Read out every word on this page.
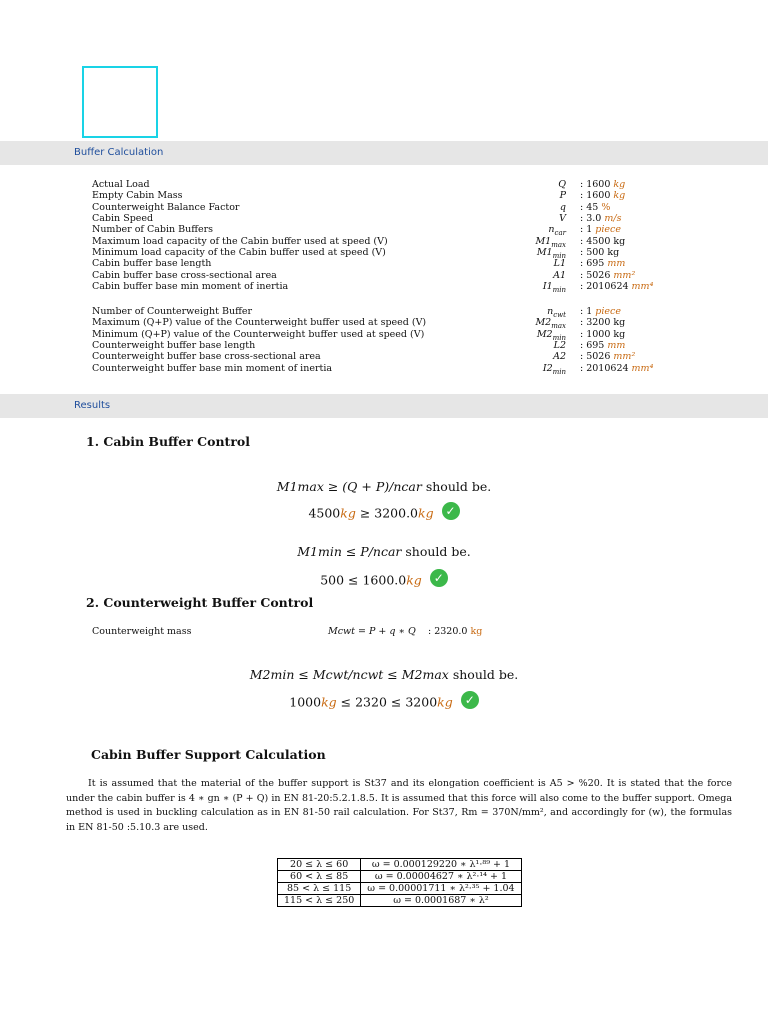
Buffer Calculation
Actual Load	Q : 1600 kg
Empty Cabin Mass	P : 1600 kg
Counterweight Balance Factor	q : 45 %
Cabin Speed	V : 3.0 m/s
Number of Cabin Buffers	$n_{car}$ : 1 piece
Maximum load capacity of the Cabin buffer used at speed (V)	$M1_{max}$ : 4500 kg
Minimum load capacity of the Cabin buffer used at speed (V)	$M1_{min}$ : 500 kg
Cabin buffer base length	L1 : 695 mm
Cabin buffer base cross-sectional area	A1 : 5026 mm²
Cabin buffer base min moment of inertia	$I1_{min}$ : 2010624 mm⁴
Number of Counterweight Buffer	$n_{cwt}$ : 1 piece
Maximum (Q+P) value of the Counterweight buffer used at speed (V)	$M2_{max}$ : 3200 kg
Minimum (Q+P) value of the Counterweight buffer used at speed (V)	$M2_{min}$ : 1000 kg
Counterweight buffer base length	L2 : 695 mm
Counterweight buffer base cross-sectional area	A2 : 5026 mm²
Counterweight buffer base min moment of inertia	$I2_{min}$ : 2010624 mm⁴
Results
1. Cabin Buffer Control
M1max ≥ (Q + P)/ncar should be.
4500kg ≥ 3200.0kg ✓
M1min ≤ P/ncar should be.
500 ≤ 1600.0kg ✓
2. Counterweight Buffer Control
Counterweight mass	Mcwt = P + q ∗ Q : 2320.0 kg
M2min ≤ Mcwt/ncwt ≤ M2max should be.
1000kg ≤ 2320 ≤ 3200kg ✓
Cabin Buffer Support Calculation
It is assumed that the material of the buffer support is St37 and its elongation coefficient is A5 > %20. It is stated that the force under the cabin buffer is 4 ∗ gn ∗ (P + Q) in EN 81-20:5.2.1.8.5. It is assumed that this force will also come to the buffer support. Omega method is used in buckling calculation as in EN 81-50 rail calculation. For St37, Rm = 370N/mm², and accordingly for (w), the formulas in EN 81-50 :5.10.3 are used.
20 ≤ λ ≤ 60	ω = 0.000129220 ∗ λ¹·⁸⁹ + 1
60 < λ ≤ 85	ω = 0.00004627 ∗ λ²·¹⁴ + 1
85 < λ ≤ 115	ω = 0.00001711 ∗ λ²·³⁵ + 1.04
115 < λ ≤ 250	ω = 0.0001687 ∗ λ²
